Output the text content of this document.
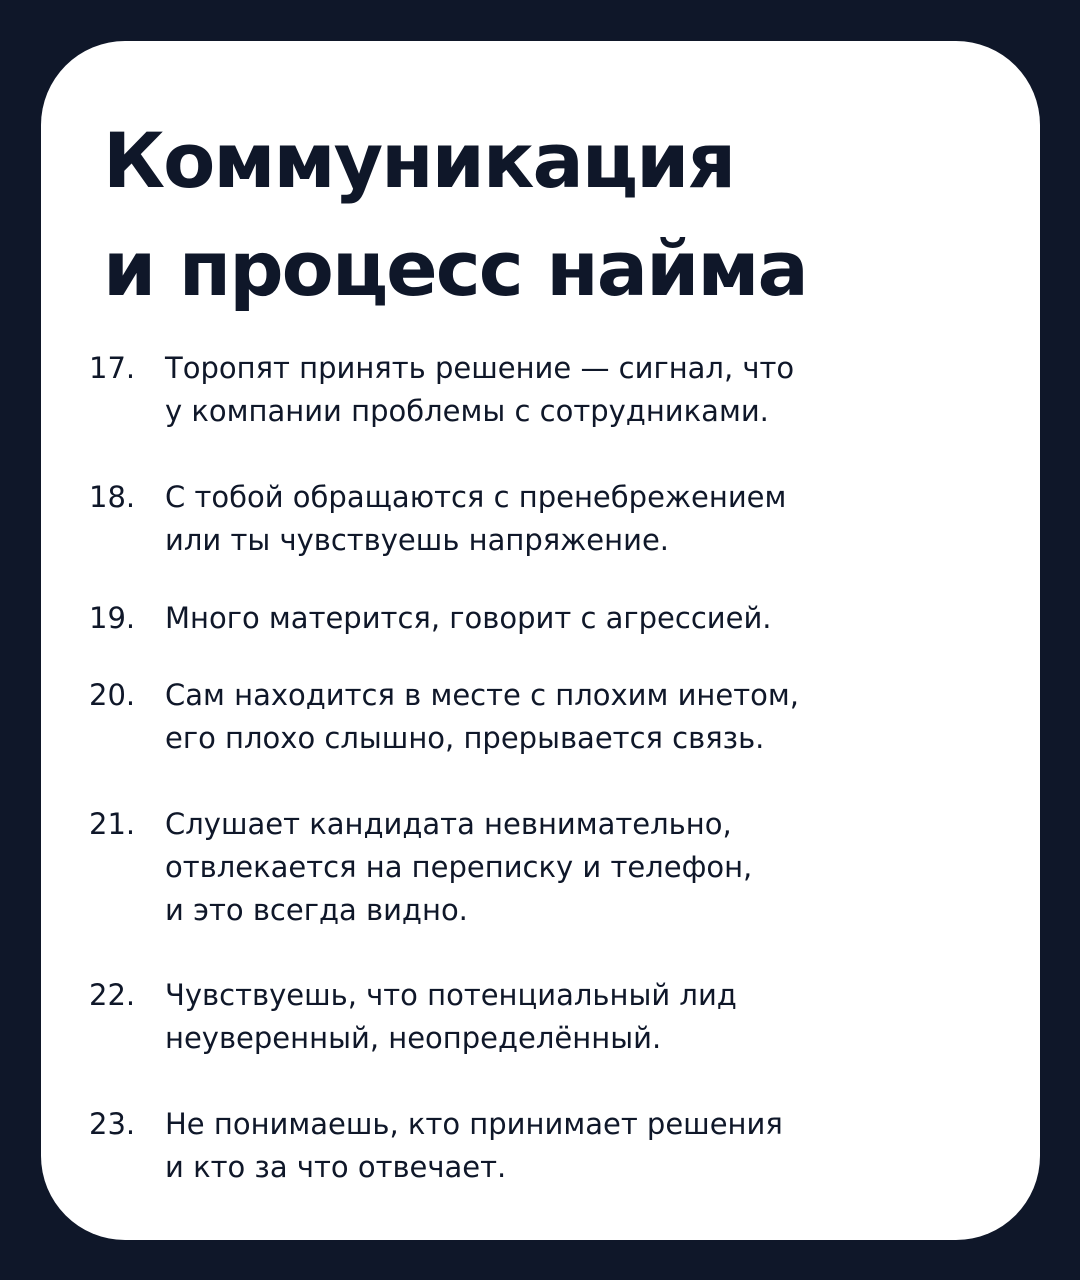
Коммуникация
и процесс найма
17.	Торопят принять решение — сигнал, что
у компании проблемы с сотрудниками.
18.	С тобой обращаются с пренебрежением
или ты чувствуешь напряжение.
19.	Много матерится, говорит с агрессией.
20.	Сам находится в месте с плохим инетом,
его плохо слышно, прерывается связь.
21.	Слушает кандидата невнимательно,
отвлекается на переписку и телефон,
и это всегда видно.
22.	Чувствуешь, что потенциальный лид
неуверенный, неопределённый.
23.	Не понимаешь, кто принимает решения
и кто за что отвечает.
